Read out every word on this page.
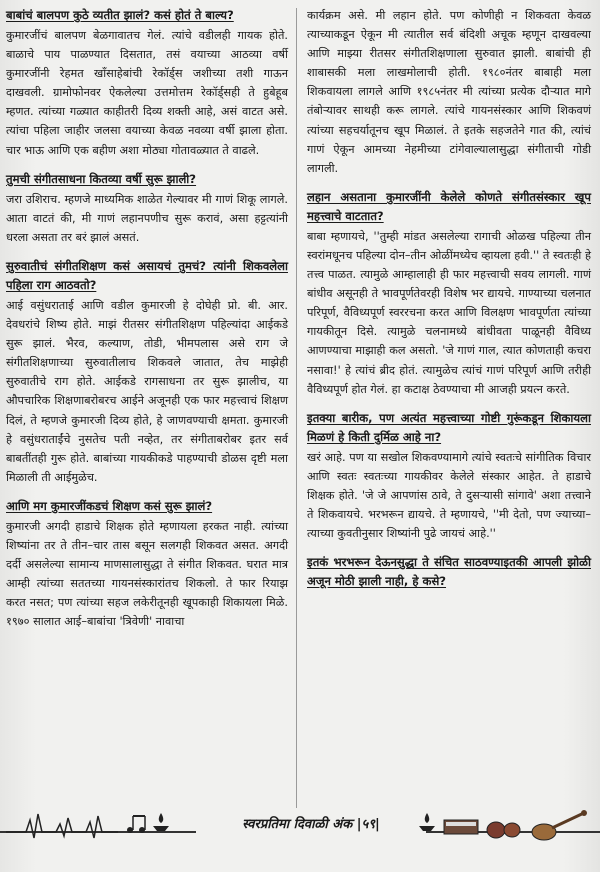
बाबांचं बालपण कुठे व्यतीत झालं? कसं होतं ते बाल्य?
कुमारजींचं बालपण बेळगावातच गेलं. त्यांचे वडीलही गायक होते. बाळाचे पाय पाळण्यात दिसतात, तसं वयाच्या आठव्या वर्षी कुमारजींनी रेहमत खाँसाहेबांची रेकॉर्ड्स जशीच्या तशी गाऊन दाखवली. ग्रामोफोनवर ऐकलेल्या उत्तमोत्तम रेकॉर्ड्सही ते हुबेहूब म्हणत. त्यांच्या गळ्यात काहीतरी दिव्य शक्ती आहे, असं वाटत असे. त्यांचा पहिला जाहीर जलसा वयाच्या केवळ नवव्या वर्षी झाला होता. चार भाऊ आणि एक बहीण अशा मोठ्या गोतावळ्यात ते वाढले.
तुमची संगीतसाधना कितव्या वर्षी सुरू झाली?
जरा उशिराच. म्हणजे माध्यमिक शाळेत गेल्यावर मी गाणं शिकू लागले. आता वाटतं की, मी गाणं लहानपणीच सुरू करावं, असा हट्टत्यांनी धरला असता तर बरं झालं असतं.
सुरुवातीचं संगीतशिक्षण कसं असायचं तुमचं? त्यांनी शिकवलेला पहिला राग आठवतो?
आई वसुंधराताई आणि वडील कुमारजी हे दोघेही प्रो. बी. आर. देवधरांचे शिष्य होते. माझं रीतसर संगीतशिक्षण पहिल्यांदा आईकडे सुरू झालं. भैरव, कल्याण, तोडी, भीमपलास असे राग जे संगीतशिक्षणाच्या सुरुवातीलाच शिकवले जातात, तेच माझेही सुरुवातीचे राग होते. आईकडे रागसाधना तर सुरू झालीच, या औपचारिक शिक्षणाबरोबरच आईने अजूनही एक फार महत्त्वाचं शिक्षण दिलं, ते म्हणजे कुमारजी दिव्य होते, हे जाणवण्याची क्षमता. कुमारजी हे वसुंधराताईंचे नुसतेच पती नव्हेत, तर संगीताबरोबर इतर सर्व बाबतींतही गुरू होते. बाबांच्या गायकीकडे पाहण्याची डोळस दृष्टी मला मिळाली ती आईमुळेच.
आणि मग कुमारजींकडचं शिक्षण कसं सुरू झालं?
कुमारजी अगदी हाडाचे शिक्षक होते म्हणायला हरकत नाही. त्यांच्या शिष्यांना तर ते तीन–चार तास बसून सलगही शिकवत असत. अगदी दर्दी असलेल्या सामान्य माणसालासुद्धा ते संगीत शिकवत. घरात मात्र आम्ही त्यांच्या सततच्या गायनसंस्कारांतच शिकलो. ते फार रियाझ करत नसत; पण त्यांच्या सहज लकेरीतूनही खूपकाही शिकायला मिळे. १९७० सालात आई–बाबांचा 'त्रिवेणी' नावाचा
कार्यक्रम असे. मी लहान होते. पण कोणीही न शिकवता केवळ त्याच्याकडून ऐकून मी त्यातील सर्व बंदिशी अचूक म्हणून दाखवल्या आणि माझ्या रीतसर संगीतशिक्षणाला सुरुवात झाली. बाबांची ही शाबासकी मला लाखमोलाची होती. १९८०नंतर बाबाही मला शिकवायला लागले आणि १९८५नंतर मी त्यांच्या प्रत्येक दौऱ्यात मागे तंबोऱ्यावर साथही करू लागले. त्यांचे गायनसंस्कार आणि शिकवणं त्यांच्या सहचर्यातूनच खूप मिळालं. ते इतके सहजतेने गात की, त्यांचं गाणं ऐकून आमच्या नेहमीच्या टांगेवाल्यालासुद्धा संगीताची गोडी लागली.
लहान असताना कुमारजींनी केलेले कोणते संगीतसंस्कार खूप महत्त्वाचे वाटतात?
बाबा म्हणायचे, ''तुम्ही मांडत असलेल्या रागाची ओळख पहिल्या तीन स्वरांमधूनच पहिल्या दोन–तीन ओळींमध्येच व्हायला हवी.'' ते स्वतःही हे तत्त्व पाळत. त्यामुळे आम्हालाही ही फार महत्त्वाची सवय लागली. गाणं बांधीव असूनही ते भावपूर्णतेवरही विशेष भर द्यायचे. गाण्याच्या चलनात परिपूर्ण, वैविध्यपूर्ण स्वररचना करत आणि विलक्षण भावपूर्णता त्यांच्या गायकीतून दिसे. त्यामुळे चलनामध्ये बांधीवता पाळूनही वैविध्य आणण्याचा माझाही कल असतो. 'जे गाणं गाल, त्यात कोणताही कचरा नसावा!' हे त्यांचं ब्रीद होतं. त्यामुळेच त्यांचं गाणं परिपूर्ण आणि तरीही वैविध्यपूर्ण होत गेलं. हा कटाक्ष ठेवण्याचा मी आजही प्रयत्न करते.
इतक्या बारीक, पण अत्यंत महत्त्वाच्या गोष्टी गुरूंकडून शिकायला मिळणं हे किती दुर्मिळ आहे ना?
खरं आहे. पण या सखोल शिकवण्यामागे त्यांचे स्वतःचे सांगीतिक विचार आणि स्वतः स्वतःच्या गायकीवर केलेले संस्कार आहेत. ते हाडाचे शिक्षक होते. 'जे जे आपणांस ठावे, ते दुसऱ्यासी सांगावे' अशा तत्त्वाने ते शिकवायचे. भरभरून द्यायचे. ते म्हणायचे, ''मी देतो, पण ज्याच्या–त्याच्या कुवतीनुसार शिष्यांनी पुढे जायचं आहे.''
इतकं भरभरून देऊनसुद्धा ते संचित साठवण्याइतकी आपली झोळी अजून मोठी झाली नाही, हे कसे?
स्वरप्रतिमा दिवाळी अंक |५९|
